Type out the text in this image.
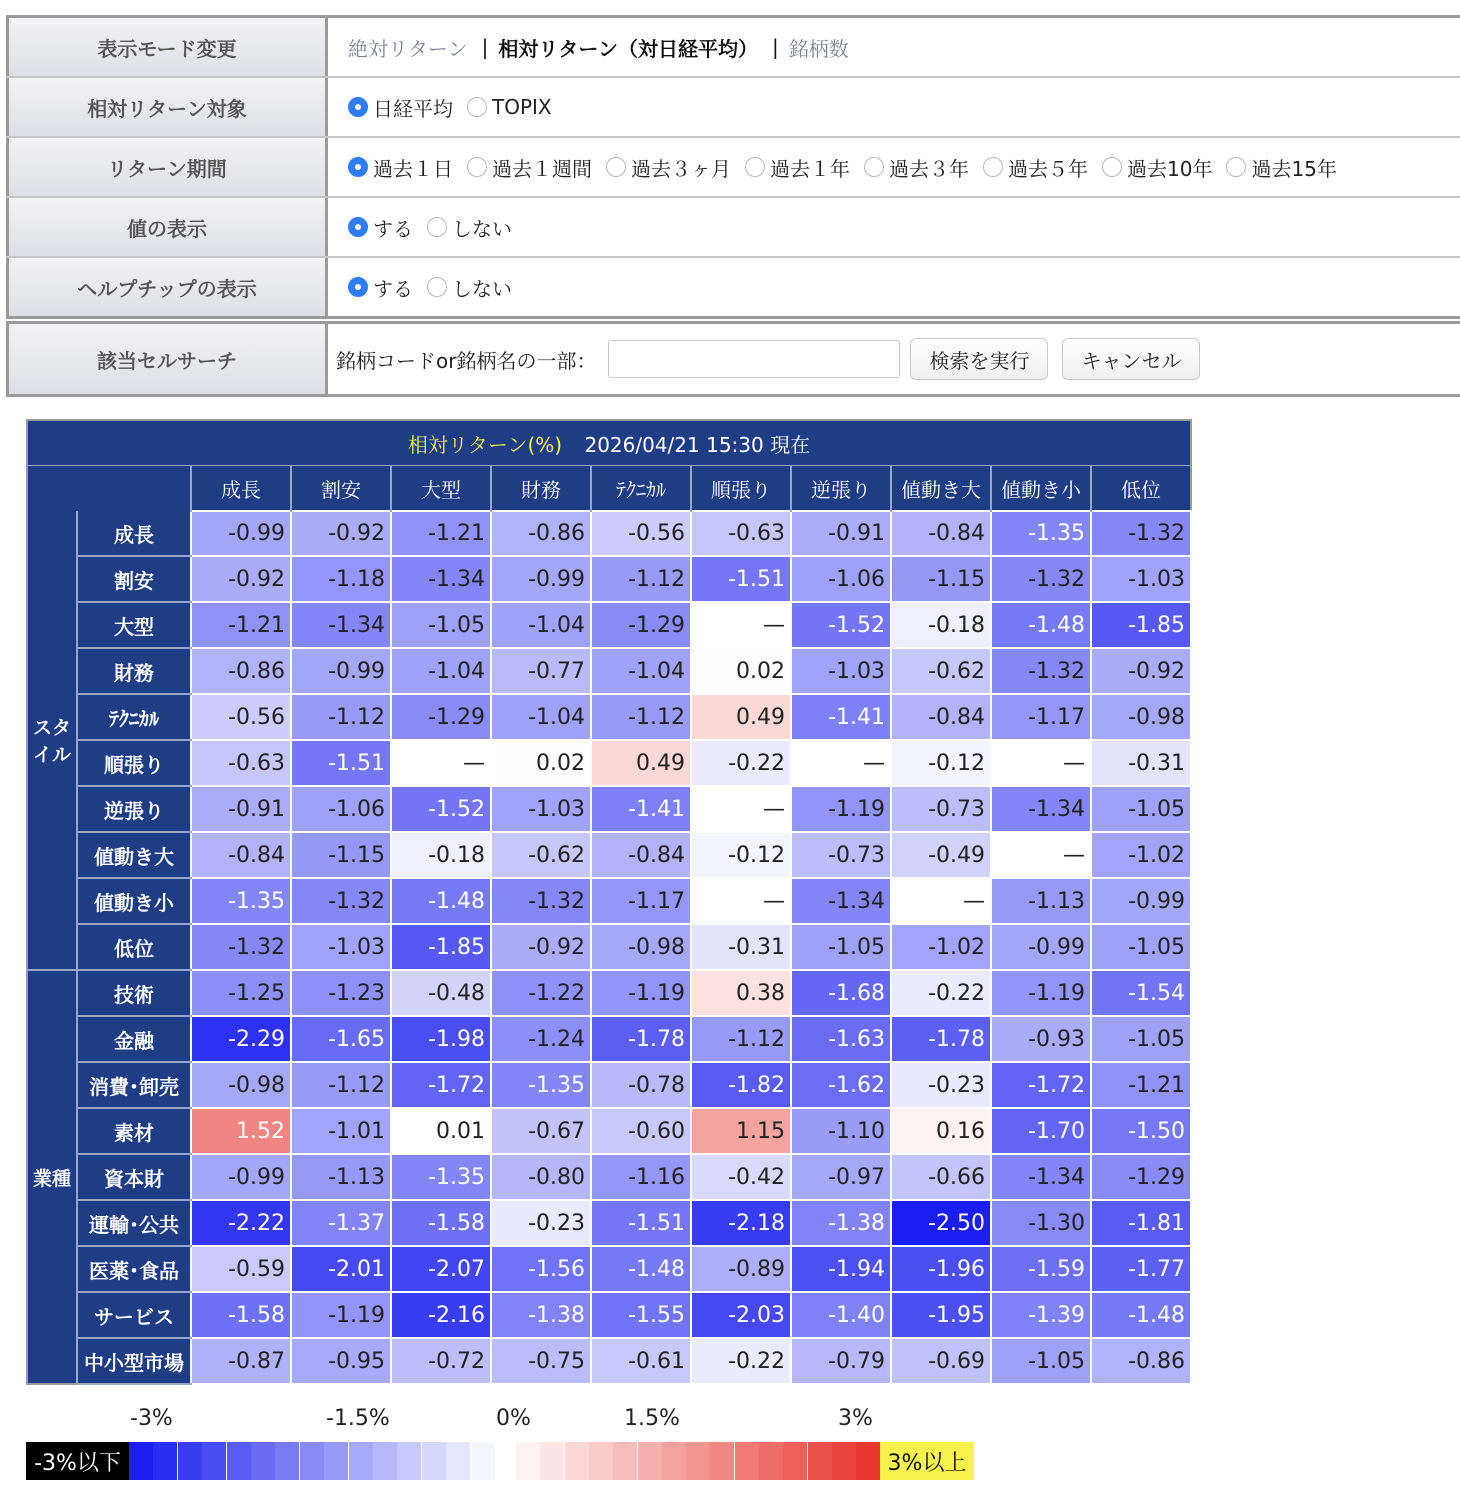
表示モード変更	絶対リターン | 相対リターン（対日経平均） | 銘柄数
相対リターン対象	日経平均 TOPIX
リターン期間	過去１日 過去１週間 過去３ヶ月 過去１年 過去３年 過去５年 過去10年 過去15年
値の表示	する しない
ヘルプチップの表示	する しない
該当セルサーチ	銘柄コードor銘柄名の一部：	検索を実行	キャンセル
相対リターン(%) 2026/04/21 15:30 現在											
		成長	割安	大型	財務	ﾃｸﾆｶﾙ	順張り	逆張り	値動き大	値動き小	低位
スタイル	成長	-0.99	-0.92	-1.21	-0.86	-0.56	-0.63	-0.91	-0.84	-1.35	-1.32
	割安	-0.92	-1.18	-1.34	-0.99	-1.12	-1.51	-1.06	-1.15	-1.32	-1.03
	大型	-1.21	-1.34	-1.05	-1.04	-1.29	—	-1.52	-0.18	-1.48	-1.85
	財務	-0.86	-0.99	-1.04	-0.77	-1.04	0.02	-1.03	-0.62	-1.32	-0.92
	ﾃｸﾆｶﾙ	-0.56	-1.12	-1.29	-1.04	-1.12	0.49	-1.41	-0.84	-1.17	-0.98
	順張り	-0.63	-1.51	—	0.02	0.49	-0.22	—	-0.12	—	-0.31
	逆張り	-0.91	-1.06	-1.52	-1.03	-1.41	—	-1.19	-0.73	-1.34	-1.05
	値動き大	-0.84	-1.15	-0.18	-0.62	-0.84	-0.12	-0.73	-0.49	—	-1.02
	値動き小	-1.35	-1.32	-1.48	-1.32	-1.17	—	-1.34	—	-1.13	-0.99
	低位	-1.32	-1.03	-1.85	-0.92	-0.98	-0.31	-1.05	-1.02	-0.99	-1.05
業種	技術	-1.25	-1.23	-0.48	-1.22	-1.19	0.38	-1.68	-0.22	-1.19	-1.54
	金融	-2.29	-1.65	-1.98	-1.24	-1.78	-1.12	-1.63	-1.78	-0.93	-1.05
	消費･卸売	-0.98	-1.12	-1.72	-1.35	-0.78	-1.82	-1.62	-0.23	-1.72	-1.21
	素材	1.52	-1.01	0.01	-0.67	-0.60	1.15	-1.10	0.16	-1.70	-1.50
	資本財	-0.99	-1.13	-1.35	-0.80	-1.16	-0.42	-0.97	-0.66	-1.34	-1.29
	運輸･公共	-2.22	-1.37	-1.58	-0.23	-1.51	-2.18	-1.38	-2.50	-1.30	-1.81
	医薬･食品	-0.59	-2.01	-2.07	-1.56	-1.48	-0.89	-1.94	-1.96	-1.59	-1.77
	サービス	-1.58	-1.19	-2.16	-1.38	-1.55	-2.03	-1.40	-1.95	-1.39	-1.48
	中小型市場	-0.87	-0.95	-0.72	-0.75	-0.61	-0.22	-0.79	-0.69	-1.05	-0.86
-3%	-1.5%	0%	1.5%	3%
-3%以下	3%以上
